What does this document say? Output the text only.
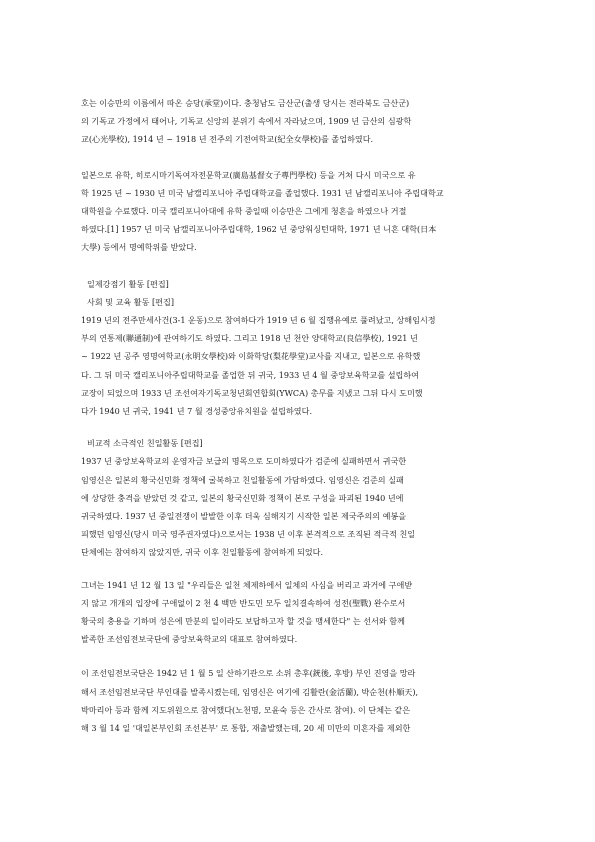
호는 이승만의 이름에서 따온 승당(承堂)이다. 충청남도 금산군(출생 당시는 전라북도 금산군)
의 기독교 가정에서 태어나, 기독교 신앙의 분위기 속에서 자라났으며, 1909 년 금산의 심광학
교(心光學校), 1914 년 ~ 1918 년 전주의 기전여학교(紀全女學校)를 졸업하였다.

일본으로 유학, 히로시마기독여자전문학교(廣島基督女子專門學校) 등을 거쳐 다시 미국으로 유
학 1925 년 ~ 1930 년 미국 남캘리포니아 주립대학교를 졸업했다. 1931 년 남캘리포니아 주립대학교
대학원을 수료했다. 미국 캘리포니아대에 유학 중일때 이승만은 그에게 청혼을 하였으나 거절
하였다.[1] 1957 년 미국 남캘리포니아주립대학, 1962 년 중앙워싱턴대학, 1971 년 니혼 대학(日本
大學) 등에서 명예학위를 받았다.

일제강점기 활동 [편집]

사회 및 교육 활동 [편집]

1919 년의 전주만세사건(3-1 운동)으로 참여하다가 1919 년 6 월 집행유예로 풀려났고, 상해임시정
부의 연통제(聯通制)에 관여하기도 하였다. 그리고 1918 년 천안 양대학교(良信學校), 1921 년
~ 1922 년 공주 영명여학교(永明女學校)와 이화학당(梨花學堂)교사를 지내고, 일본으로 유학했
다. 그 뒤 미국 캘리포니아주립대학교를 졸업한 뒤 귀국, 1933 년 4 월 중앙보육학교를 설립하여
교장이 되었으며 1933 년 조선여자기독교청년회연합회(YWCA) 총무를 지냈고 그뒤 다시 도미했
다가 1940 년 귀국, 1941 년 7 월 경성중앙유치원을 설립하였다.

비교적 소극적인 친일활동 [편집]

1937 년 중앙보육학교의 운영자금 보급의 명목으로 도미하였다가 검준에 실패하면서 귀국한
임영신은 일본의 황국신민화 정책에 굴복하고 친일활동에 가담하였다. 임영신은 검준의 실패
에 상당한 충격을 받았던 것 같고, 일본의 황국신민화 정책이 본로 구성을 파괴된 1940 년에
귀국하였다. 1937 년 중일전쟁이 발발한 이후 더욱 심해지기 시작한 일본 제국주의의 예봉을
피했던 임영신(당시 미국 영주권자였다)으로서는 1938 년 이후 본격적으로 조직된 적극적 친일
단체에는 참여하지 않았지만, 귀국 이후 친일활동에 참여하게 되었다.

그녀는 1941 년 12 월 13 일 "우리들은 일천 체제하에서 일체의 사심을 버리고 과거에 구애받
지 않고 개개의 입장에 구애없이 2 천 4 백만 반도민 모두 일치결속하여 성전(聖戰) 완수로서
황국의 충용을 기하며 성은에 만분의 일이라도 보답하고자 할 것을 맹세한다" 는 선서와 함께
발족한 조선임전보국단에 중앙보육학교의 대표로 참여하였다.

이 조선임전보국단은 1942 년 1 월 5 일 산하기관으로 소위 총후(銃後, 후방) 부인 진영을 망라
해서 조선임전보국단 부인대를 발족시켰는데, 임영신은 여기에 김활란(金活蘭), 박순천(朴順天),
박마리아 등과 함께 지도위원으로 참여했다(노천명, 모윤숙 등은 간사로 참여). 이 단체는 같은
해 3 월 14 일 '대일본부인회 조선본부' 로 통합, 재출발했는데, 20 세 미만의 미혼자를 제외한
